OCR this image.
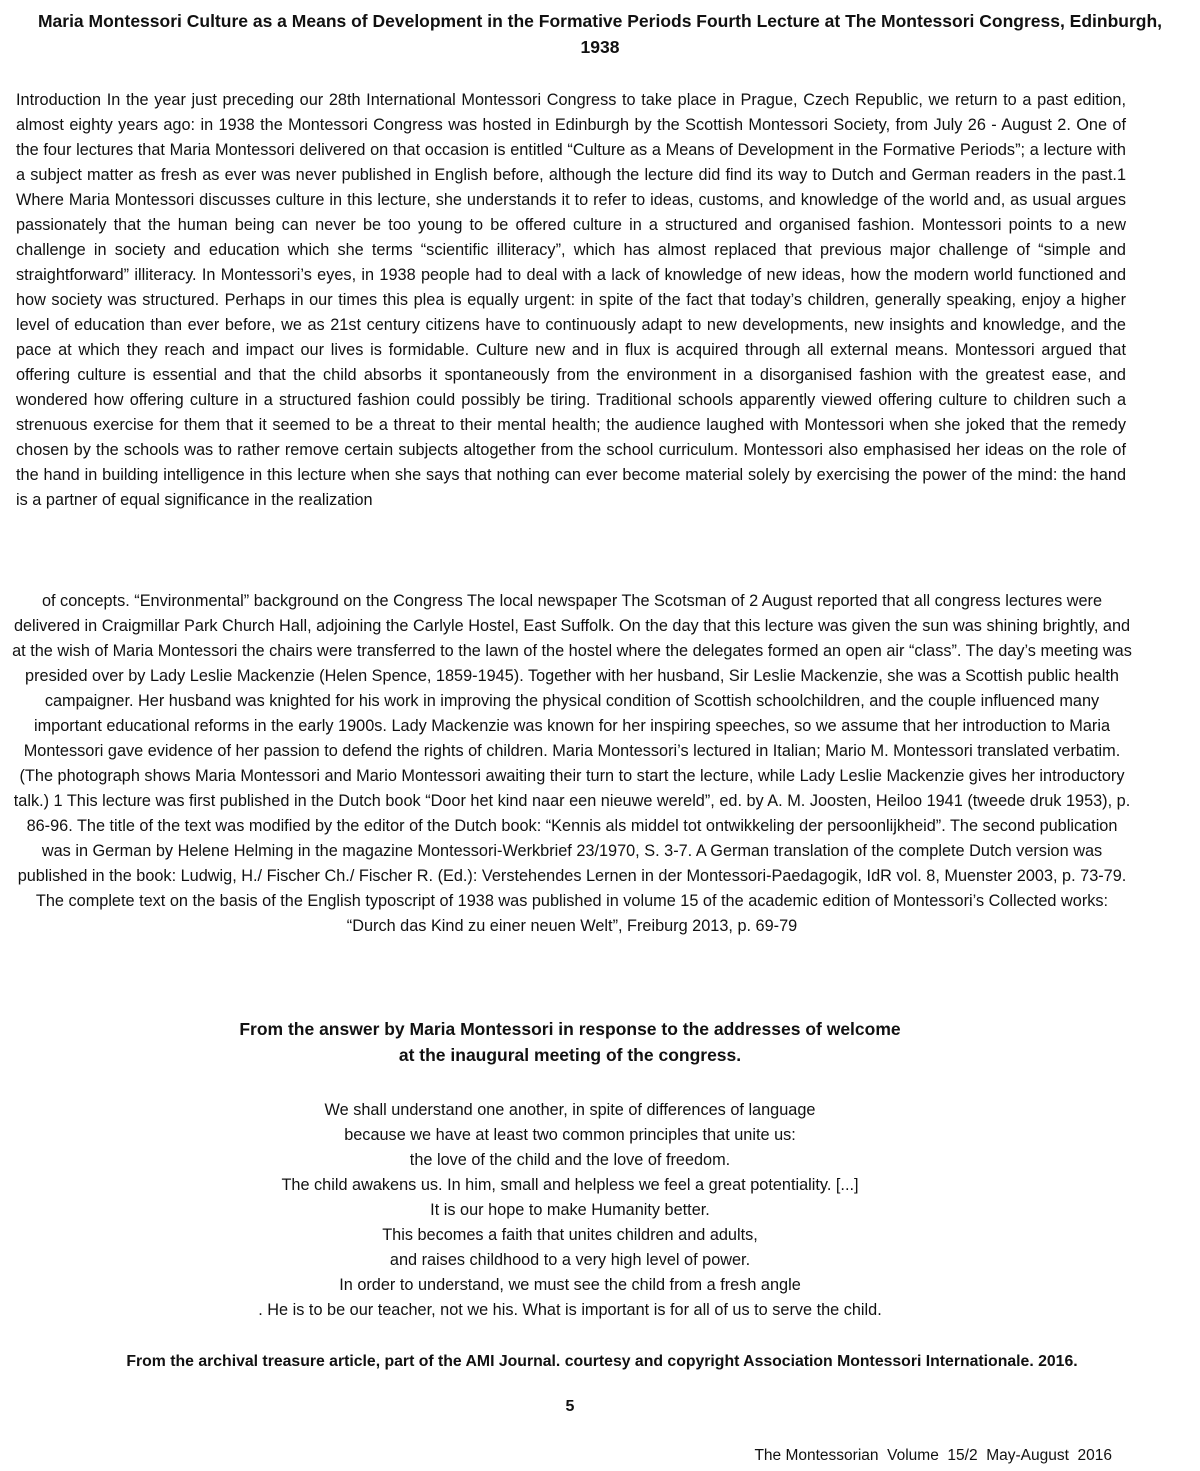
Maria Montessori Culture as a Means of Development in the Formative Periods Fourth Lecture at The Montessori Congress, Edinburgh, 1938

Introduction In the year just preceding our 28th International Montessori Congress to take place in Prague, Czech Republic, we return to a past edition, almost eighty years ago: in 1938 the Montessori Congress was hosted in Edinburgh by the Scottish Montessori Society, from July 26 - August 2. One of the four lectures that Maria Montessori delivered on that occasion is entitled “Culture as a Means of Development in the Formative Periods”; a lecture with a subject matter as fresh as ever was never published in English before, although the lecture did find its way to Dutch and German readers in the past.1 Where Maria Montessori discusses culture in this lecture, she understands it to refer to ideas, customs, and knowledge of the world and, as usual argues passionately that the human being can never be too young to be offered culture in a structured and organised fashion. Montessori points to a new challenge in society and education which she terms “scientific illiteracy”, which has almost replaced that previous major challenge of “simple and straightforward” illiteracy. In Montessori’s eyes, in 1938 people had to deal with a lack of knowledge of new ideas, how the modern world functioned and how society was structured. Perhaps in our times this plea is equally urgent: in spite of the fact that today’s children, generally speaking, enjoy a higher level of education than ever before, we as 21st century citizens have to continuously adapt to new developments, new insights and knowledge, and the pace at which they reach and impact our lives is formidable. Culture new and in flux is acquired through all external means. Montessori argued that offering culture is essential and that the child absorbs it spontaneously from the environment in a disorganised fashion with the greatest ease, and wondered how offering culture in a structured fashion could possibly be tiring. Traditional schools apparently viewed offering culture to children such a strenuous exercise for them that it seemed to be a threat to their mental health; the audience laughed with Montessori when she joked that the remedy chosen by the schools was to rather remove certain subjects altogether from the school curriculum. Montessori also emphasised her ideas on the role of the hand in building intelligence in this lecture when she says that nothing can ever become material solely by exercising the power of the mind: the hand is a partner of equal significance in the realization

of concepts. “Environmental” background on the Congress The local newspaper The Scotsman of 2 August reported that all congress lectures were delivered in Craigmillar Park Church Hall, adjoining the Carlyle Hostel, East Suffolk. On the day that this lecture was given the sun was shining brightly, and at the wish of Maria Montessori the chairs were transferred to the lawn of the hostel where the delegates formed an open air “class”. The day’s meeting was presided over by Lady Leslie Mackenzie (Helen Spence, 1859-1945). Together with her husband, Sir Leslie Mackenzie, she was a Scottish public health campaigner. Her husband was knighted for his work in improving the physical condition of Scottish schoolchildren, and the couple influenced many important educational reforms in the early 1900s. Lady Mackenzie was known for her inspiring speeches, so we assume that her introduction to Maria Montessori gave evidence of her passion to defend the rights of children. Maria Montessori’s lectured in Italian; Mario M. Montessori translated verbatim. (The photograph shows Maria Montessori and Mario Montessori awaiting their turn to start the lecture, while Lady Leslie Mackenzie gives her introductory talk.) 1 This lecture was first published in the Dutch book “Door het kind naar een nieuwe wereld”, ed. by A. M. Joosten, Heiloo 1941 (tweede druk 1953), p. 86-96. The title of the text was modified by the editor of the Dutch book: “Kennis als middel tot ontwikkeling der persoonlijkheid”. The second publication was in German by Helene Helming in the magazine Montessori-Werkbrief 23/1970, S. 3-7. A German translation of the complete Dutch version was published in the book: Ludwig, H./ Fischer Ch./ Fischer R. (Ed.): Verstehendes Lernen in der Montessori-Paedagogik, IdR vol. 8, Muenster 2003, p. 73-79. The complete text on the basis of the English typoscript of 1938 was published in volume 15 of the academic edition of Montessori’s Collected works: “Durch das Kind zu einer neuen Welt”, Freiburg 2013, p. 69-79

From the answer by Maria Montessori in response to the addresses of welcome
at the inaugural meeting of the congress.
We shall understand one another, in spite of differences of language
because we have at least two common principles that unite us:
the love of the child and the love of freedom.
The child awakens us. In him, small and helpless we feel a great potentiality. [...]
It is our hope to make Humanity better.
This becomes a faith that unites children and adults,
and raises childhood to a very high level of power.
In order to understand, we must see the child from a fresh angle
. He is to be our teacher, not we his. What is important is for all of us to serve the child.

From the archival treasure article, part of the AMI Journal. courtesy and copyright Association Montessori Internationale. 2016.

5
The Montessorian  Volume  15/2  May-August  2016
